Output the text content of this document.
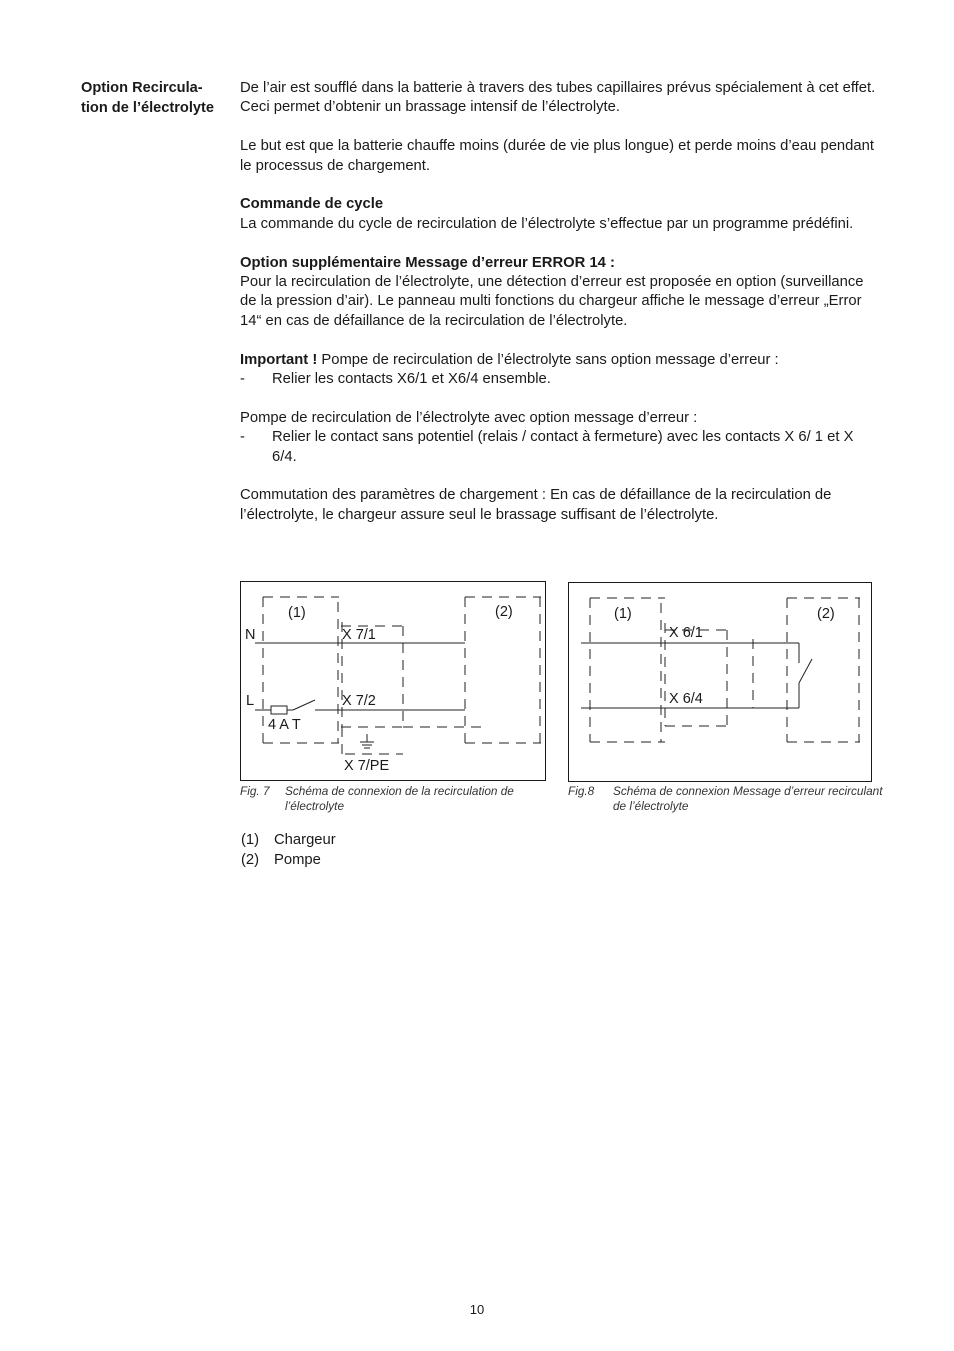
Option Recircula- tion de l’électrolyte

De l’air est soufflé dans la batterie à travers des tubes capillaires prévus spécialement à cet effet.

Ceci permet d’obtenir un brassage intensif de l’électrolyte.

Le but est que la batterie chauffe moins (durée de vie plus longue) et perde moins d’eau pendant le processus de chargement.

Commande de cycle

La commande du cycle de recirculation de l’électrolyte s’effectue par un programme prédéfini.

Option supplémentaire Message d’erreur ERROR 14 :

Pour la recirculation de l’électrolyte, une détection d’erreur est proposée en option (surveillance de la pression d’air). Le panneau multi fonctions du chargeur affiche le message d’erreur „Error 14“ en cas de défaillance de la recirculation de l’électrolyte.

Important ! Pompe de recirculation de l’électrolyte sans option message d’erreur :

-	Relier les contacts X6/1 et X6/4 ensemble.

Pompe de recirculation de l’électrolyte avec option message d’erreur :

-	Relier le contact sans potentiel (relais / contact à fermeture) avec les contacts X 6/ 1 et X 6/4.

Commutation des paramètres de chargement : En cas de défaillance de la recirculation de l’électrolyte, le chargeur assure seul le brassage suffisant de l’électrolyte.

(1)	(2)
N	X 7/1
L	X 7/2
4 A T
X 7/PE
Fig. 7 Schéma de connexion de la recirculation de l’électrolyte
(1)	(2)
X 6/1
X 6/4
Fig.8 Schéma de connexion Message d’erreur recirculant de l’électrolyte
(1)	Chargeur
(2)	Pompe
10
